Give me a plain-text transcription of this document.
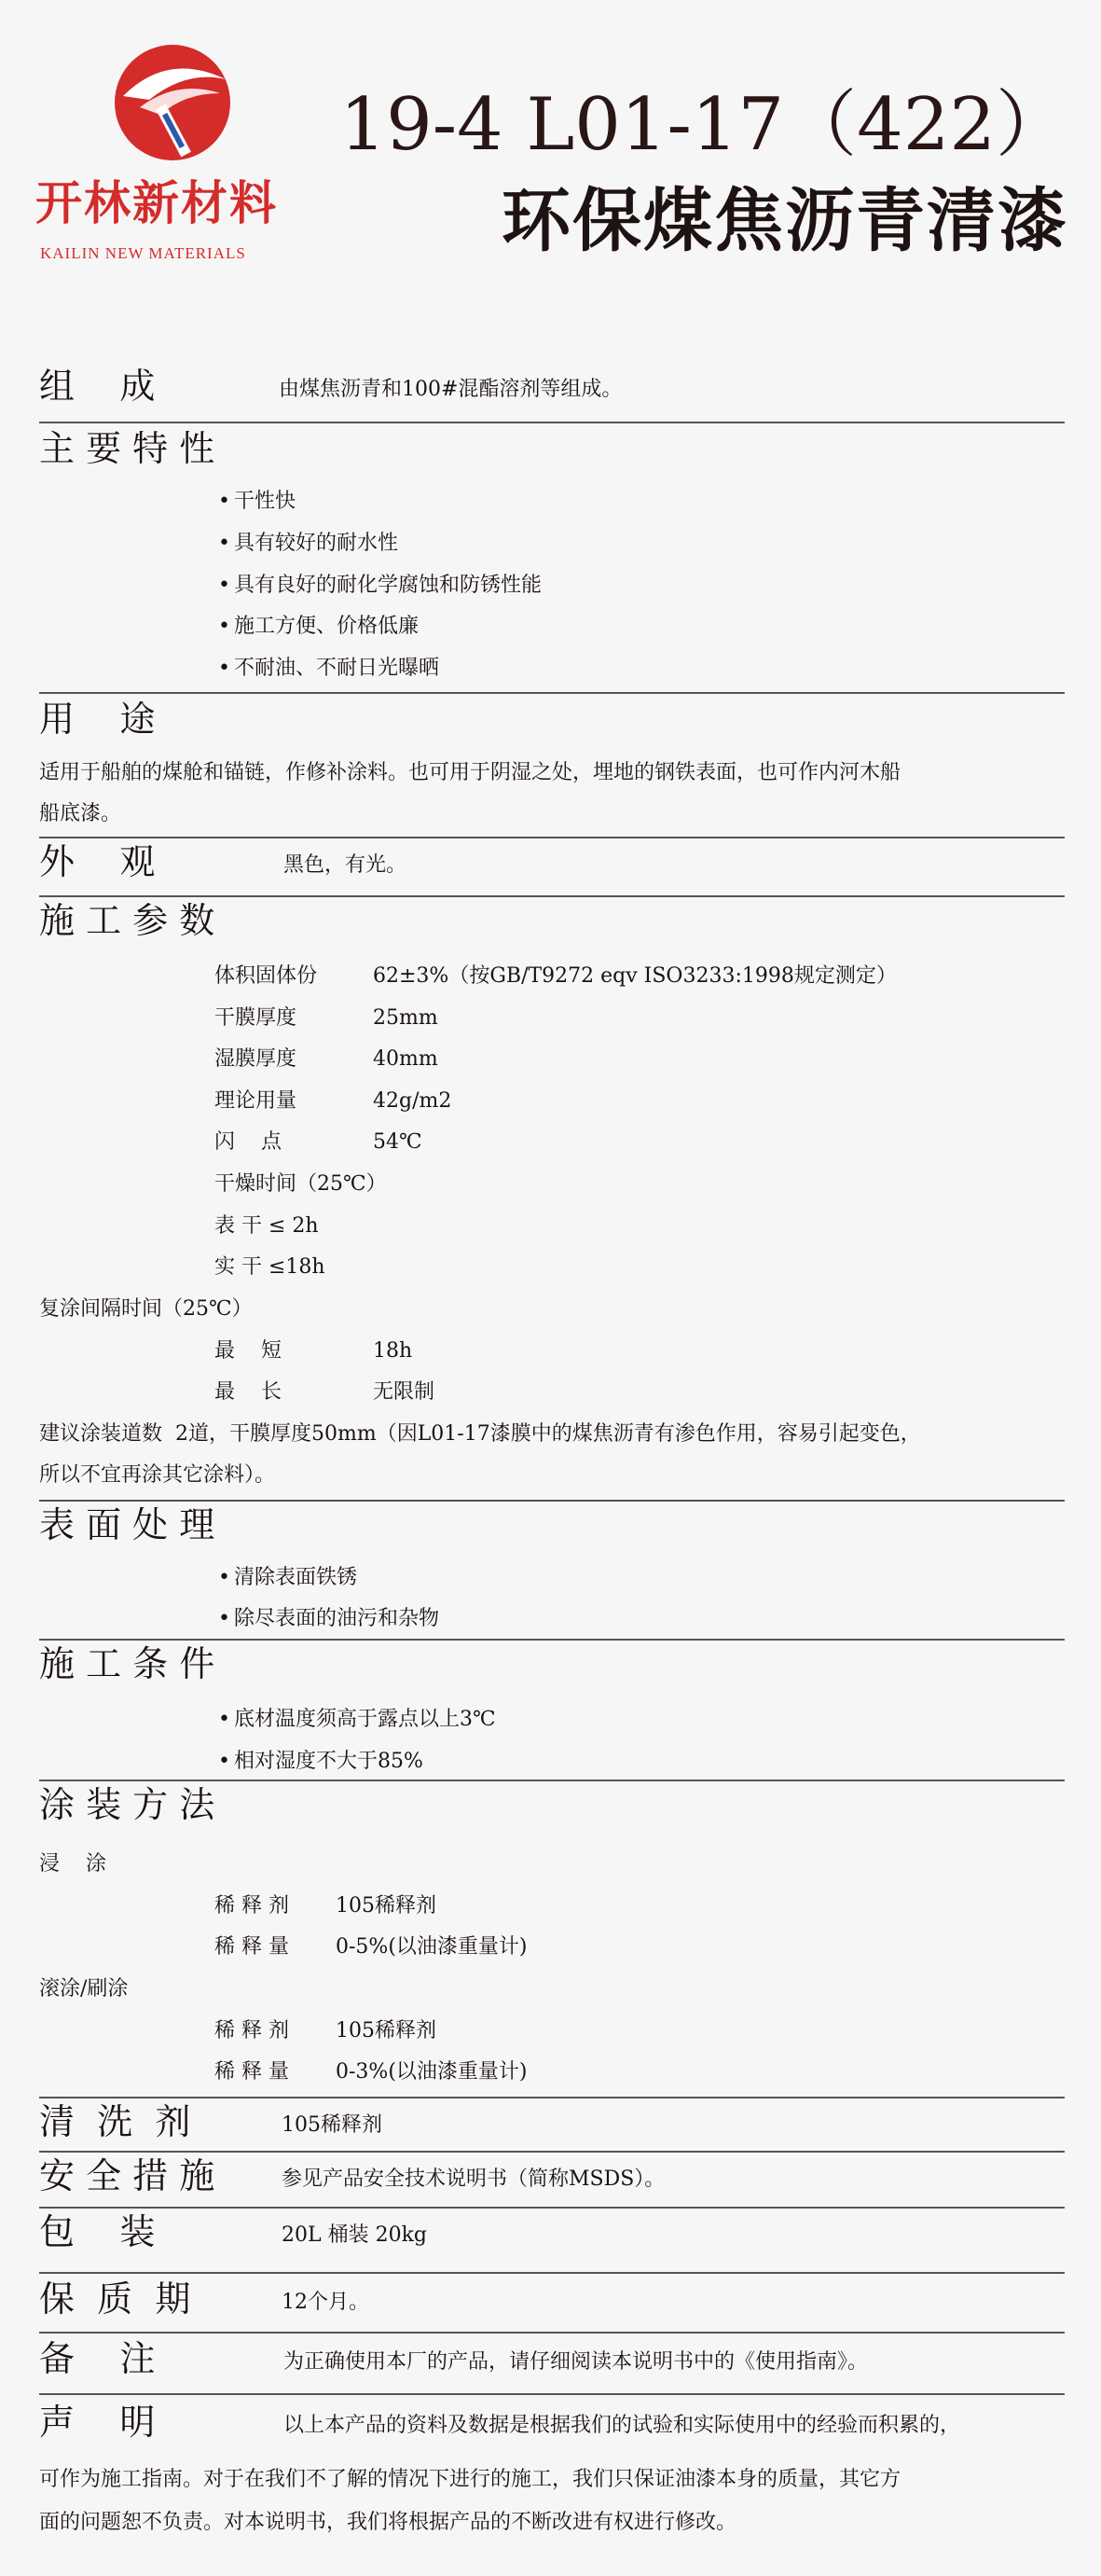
开林新材料
KAILIN NEW MATERIALS
19-4 L01-17（422）
环保煤焦沥青清漆
组    成	由煤焦沥青和100#混酯溶剂等组成。
主 要 特 性
• 干性快
• 具有较好的耐水性
• 具有良好的耐化学腐蚀和防锈性能
• 施工方便、价格低廉
• 不耐油、不耐日光曝晒
用    途
适用于船舶的煤舱和锚链，作修补涂料。也可用于阴湿之处，埋地的钢铁表面，也可作内河木船
船底漆。
外    观	黑色，有光。
施 工 参 数
体积固体份	62±3%（按GB/T9272 eqv ISO3233:1998规定测定）
干膜厚度	25mm
湿膜厚度	40mm
理论用量	42g/m2
闪    点	54℃
干燥时间（25℃）
表 干 ≤ 2h
实 干 ≤18h
复涂间隔时间（25℃）
最    短	18h
最    长	无限制
建议涂装道数  2道，干膜厚度50mm（因L01-17漆膜中的煤焦沥青有渗色作用，容易引起变色，
所以不宜再涂其它涂料）。
表 面 处 理
• 清除表面铁锈
• 除尽表面的油污和杂物
施 工 条 件
• 底材温度须高于露点以上3℃
• 相对湿度不大于85%
涂 装 方 法
浸    涂
稀 释 剂 105稀释剂
稀 释 量 0-5%(以油漆重量计)
滚涂/刷涂
稀 释 剂 105稀释剂
稀 释 量 0-3%(以油漆重量计)
清  洗  剂	105稀释剂
安 全 措 施	参见产品安全技术说明书（简称MSDS）。
包    装	20L 桶装 20kg
保  质  期	12个月。
备    注	为正确使用本厂的产品，请仔细阅读本说明书中的《使用指南》。
声    明	以上本产品的资料及数据是根据我们的试验和实际使用中的经验而积累的，
可作为施工指南。对于在我们不了解的情况下进行的施工，我们只保证油漆本身的质量，其它方
面的问题恕不负责。对本说明书，我们将根据产品的不断改进有权进行修改。
